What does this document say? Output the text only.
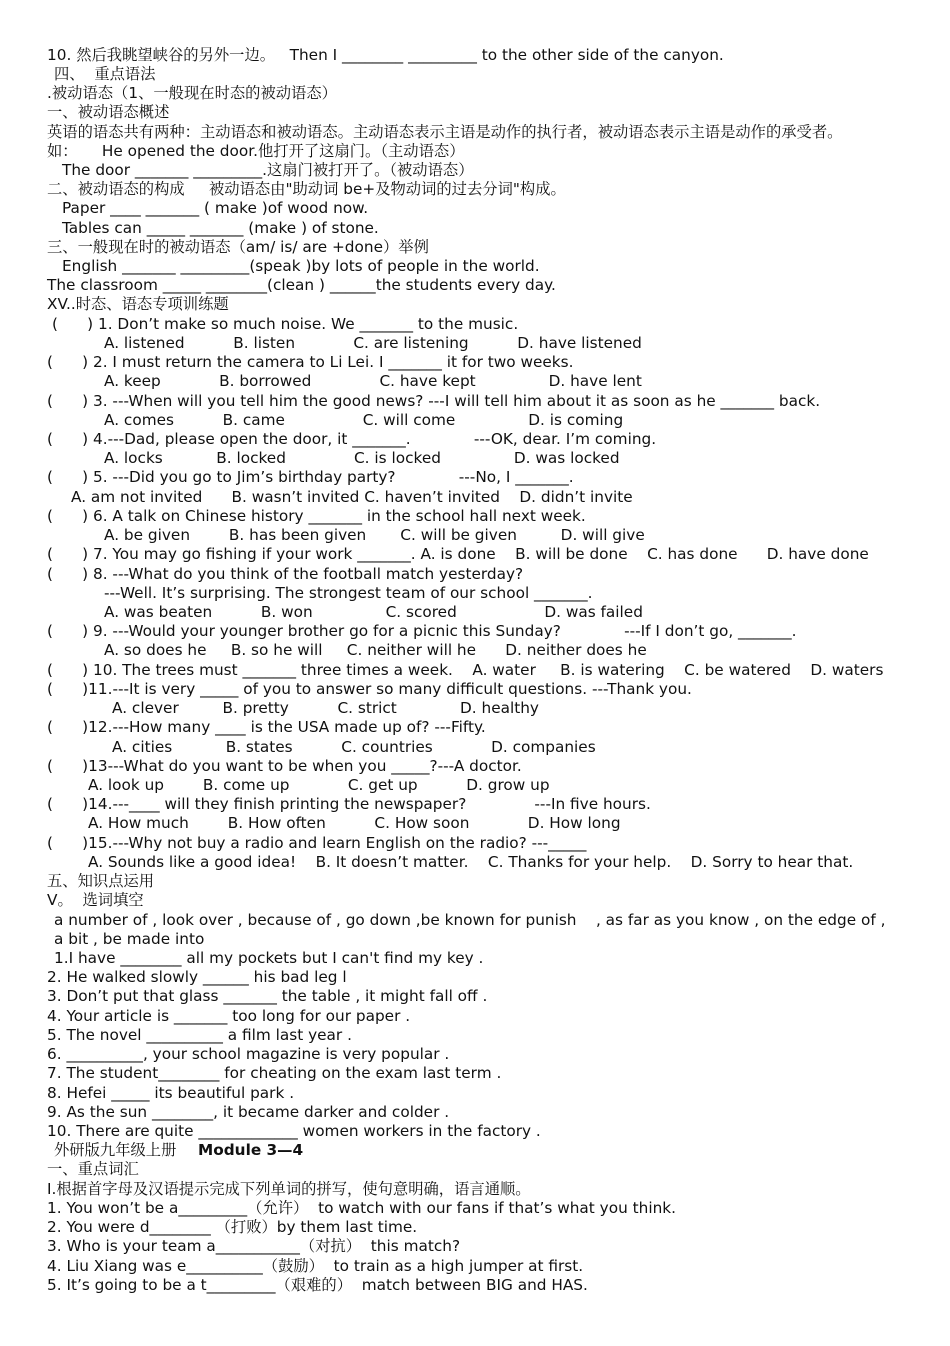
10. 然后我眺望峡谷的另外一边。   Then I ________ _________ to the other side of the canyon.
四、  重点语法
.被动语态（1、一般现在时态的被动语态）
一、被动语态概述
英语的语态共有两种：主动语态和被动语态。主动语态表示主语是动作的执行者，被动语态表示主语是动作的承受者。
如：     He opened the door.他打开了这扇门。（主动语态）
The door _______ _________.这扇门被打开了。（被动语态）
二、被动语态的构成     被动语态由"助动词 be+及物动词的过去分词"构成。
Paper ____ _______ ( make )of wood now.
Tables can _____ _______ (make ) of stone.
三、一般现在时的被动语态（am/ is/ are +done）举例
English _______ _________(speak )by lots of people in the world.
The classroom _____ ________(clean ) ______the students every day.
XV..时态、语态专项训练题
(      ) 1. Don’t make so much noise. We _______ to the music.
A. listened          B. listen            C. are listening          D. have listened
(      ) 2. I must return the camera to Li Lei. I _______ it for two weeks.
A. keep            B. borrowed              C. have kept               D. have lent
(      ) 3. ---When will you tell him the good news? ---I will tell him about it as soon as he _______ back.
A. comes          B. came                C. will come               D. is coming
(      ) 4.---Dad, please open the door, it _______.             ---OK, dear. I’m coming.
A. locks           B. locked              C. is locked               D. was locked
(      ) 5. ---Did you go to Jim’s birthday party?             ---No, I _______.
A. am not invited      B. wasn’t invited C. haven’t invited    D. didn’t invite
(      ) 6. A talk on Chinese history _______ in the school hall next week.
A. be given        B. has been given       C. will be given         D. will give
(      ) 7. You may go fishing if your work _______. A. is done    B. will be done    C. has done      D. have done
(      ) 8. ---What do you think of the football match yesterday?
---Well. It’s surprising. The strongest team of our school _______.
A. was beaten          B. won               C. scored                  D. was failed
(      ) 9. ---Would your younger brother go for a picnic this Sunday?             ---If I don’t go, _______.
A. so does he     B. so he will     C. neither will he      D. neither does he
(      ) 10. The trees must _______ three times a week.    A. water     B. is watering    C. be watered    D. waters
(      )11.---It is very _____ of you to answer so many difficult questions. ---Thank you.
A. clever         B. pretty          C. strict             D. healthy
(      )12.---How many ____ is the USA made up of? ---Fifty.
A. cities           B. states          C. countries            D. companies
(      )13---What do you want to be when you _____?---A doctor.
A. look up        B. come up            C. get up          D. grow up
(      )14.---____ will they finish printing the newspaper?              ---In five hours.
A. How much        B. How often          C. How soon            D. How long
(      )15.---Why not buy a radio and learn English on the radio? ---_____
A. Sounds like a good idea!    B. It doesn’t matter.    C. Thanks for your help.    D. Sorry to hear that.
五、知识点运用
V。  选词填空
a number of , look over , because of , go down ,be known for punish    , as far as you know , on the edge of ,
a bit , be made into
1.I have ________ all my pockets but I can't find my key .
2. He walked slowly ______ his bad leg l
3. Don’t put that glass _______ the table , it might fall off .
4. Your article is _______ too long for our paper .
5. The novel __________ a film last year .
6. __________, your school magazine is very popular .
7. The student________ for cheating on the exam last term .
8. Hefei _____ its beautiful park .
9. As the sun ________, it became darker and colder .
10. There are quite _____________ women workers in the factory .
外研版九年级上册 Module 3—4
一、重点词汇
I.根据首字母及汉语提示完成下列单词的拼写，使句意明确，语言通顺。
1. You won’t be a_________（允许）  to watch with our fans if that’s what you think.
2. You were d________ （打败）by them last time.
3. Who is your team a___________（对抗）  this match?
4. Liu Xiang was e__________（鼓励）  to train as a high jumper at first.
5. It’s going to be a t_________（艰难的）  match between BIG and HAS.
